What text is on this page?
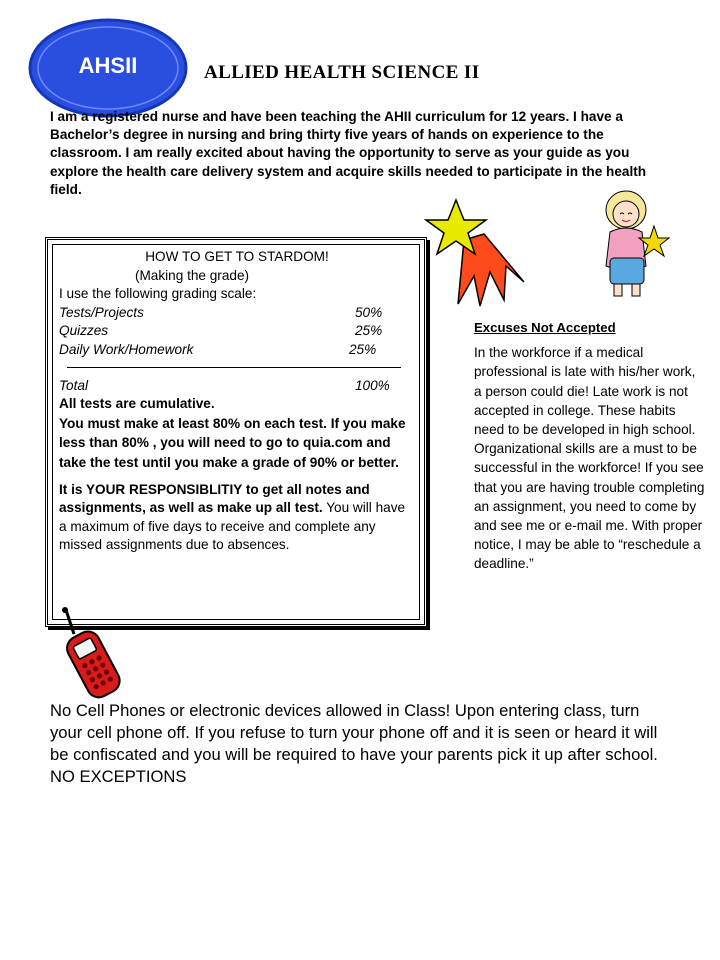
AHSII	ALLIED HEALTH SCIENCE II
I am a registered nurse and have been teaching the AHII curriculum for 12 years. I have a Bachelor’s degree in nursing and bring thirty five years of hands on experience to the classroom. I am really excited about having the opportunity to serve as your guide as you explore the health care delivery system and acquire skills needed to participate in the health field.
HOW TO GET TO STARDOM!
(Making the grade)
I use the following grading scale:
Tests/Projects	50%
Quizzes	25%
Daily Work/Homework	25%
Total	100%
All tests are cumulative.
You must make at least 80% on each test. If you make less than 80% , you will need to go to quia.com and take the test until you make a grade of 90% or better.
It is YOUR RESPONSIBLITIY to get all notes and assignments, as well as make up all test. You will have a maximum of five days to receive and complete any missed assignments due to absences.
Excuses Not Accepted
In the workforce if a medical professional is late with his/her work, a person could die! Late work is not accepted in college. These habits need to be developed in high school. Organizational skills are a must to be successful in the workforce! If you see that you are having trouble completing an assignment, you need to come by and see me or e-mail me. With proper notice, I may be able to “reschedule a deadline.”
No Cell Phones or electronic devices allowed in Class! Upon entering class, turn your cell phone off. If you refuse to turn your phone off and it is seen or heard it will be confiscated and you will be required to have your parents pick it up after school. NO EXCEPTIONS
